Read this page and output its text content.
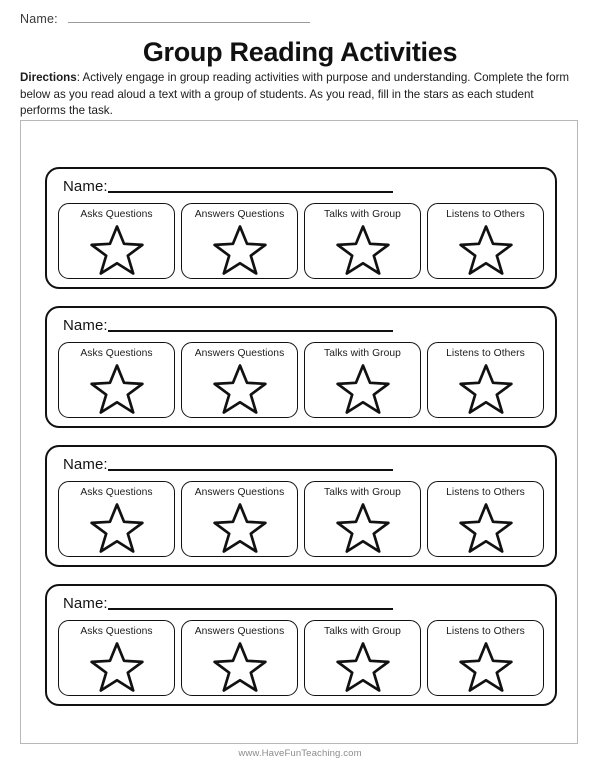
Name:
Group Reading Activities
Directions: Actively engage in group reading activities with purpose and understanding. Complete the form below as you read aloud a text with a group of students. As you read, fill in the stars as each student performs the task.
Name:
Asks Questions	Answers Questions	Talks with Group	Listens to Others
Name:
Asks Questions	Answers Questions	Talks with Group	Listens to Others
Name:
Asks Questions	Answers Questions	Talks with Group	Listens to Others
Name:
Asks Questions	Answers Questions	Talks with Group	Listens to Others
www.HaveFunTeaching.com
